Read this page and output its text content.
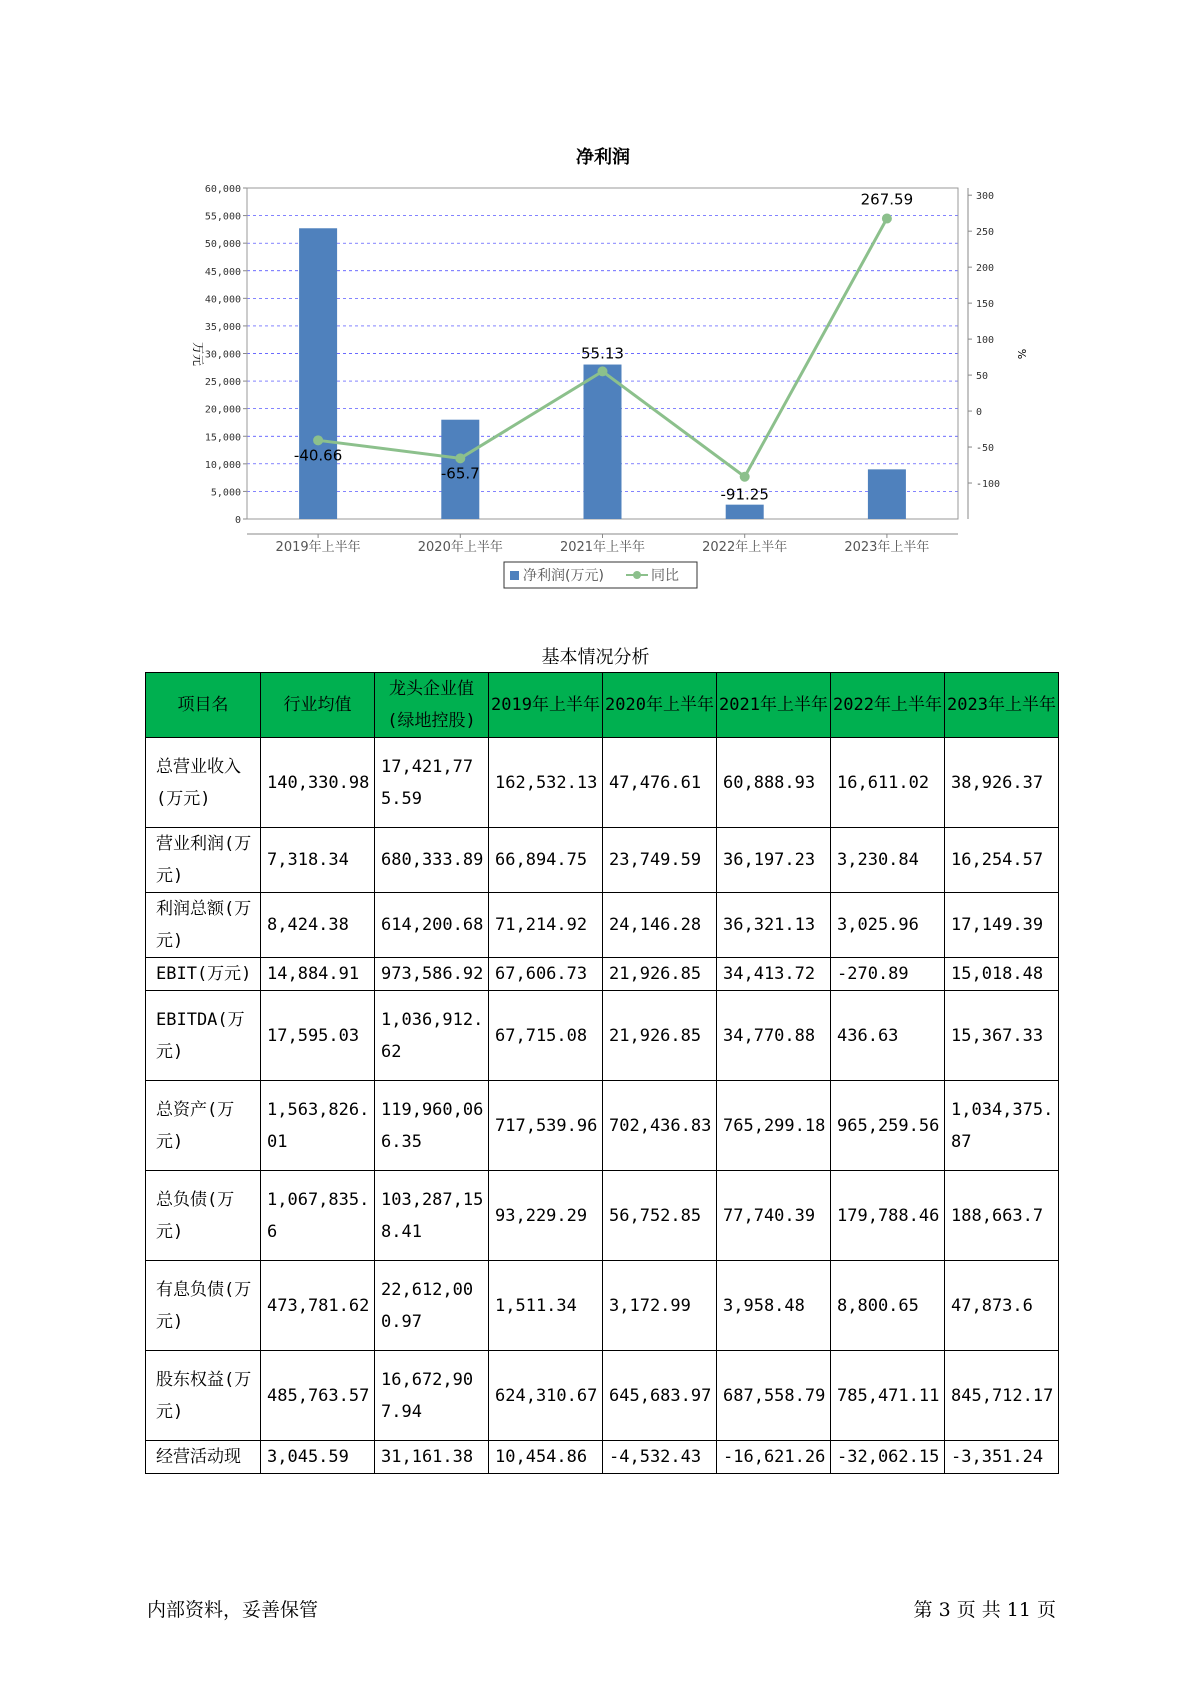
净利润
0
5,000
10,000
15,000
20,000
25,000
30,000
35,000
40,000
45,000
50,000
55,000
60,000
-100
-50
0
50
100
150
200
250
300
万元	%
2019年上半年	2020年上半年	2021年上半年	2022年上半年	2023年上半年
-40.66
-65.7
55.13
-91.25
267.59
净利润(万元)	同比
基本情况分析
项目名	行业均值	龙头企业值(绿地控股)	2019年上半年	2020年上半年	2021年上半年	2022年上半年	2023年上半年
总营业收入(万元)	140,330.98	17,421,775.59	162,532.13	47,476.61	60,888.93	16,611.02	38,926.37
营业利润(万元)	7,318.34	680,333.89	66,894.75	23,749.59	36,197.23	3,230.84	16,254.57
利润总额(万元)	8,424.38	614,200.68	71,214.92	24,146.28	36,321.13	3,025.96	17,149.39
EBIT(万元)	14,884.91	973,586.92	67,606.73	21,926.85	34,413.72	-270.89	15,018.48
EBITDA(万元)	17,595.03	1,036,912.62	67,715.08	21,926.85	34,770.88	436.63	15,367.33
总资产(万元)	1,563,826.01	119,960,066.35	717,539.96	702,436.83	765,299.18	965,259.56	1,034,375.87
总负债(万元)	1,067,835.6	103,287,158.41	93,229.29	56,752.85	77,740.39	179,788.46	188,663.7
有息负债(万元)	473,781.62	22,612,000.97	1,511.34	3,172.99	3,958.48	8,800.65	47,873.6
股东权益(万元)	485,763.57	16,672,907.94	624,310.67	645,683.97	687,558.79	785,471.11	845,712.17
经营活动现	3,045.59	31,161.38	10,454.86	-4,532.43	-16,621.26	-32,062.15	-3,351.24
内部资料，妥善保管	第 3 页 共 11 页
